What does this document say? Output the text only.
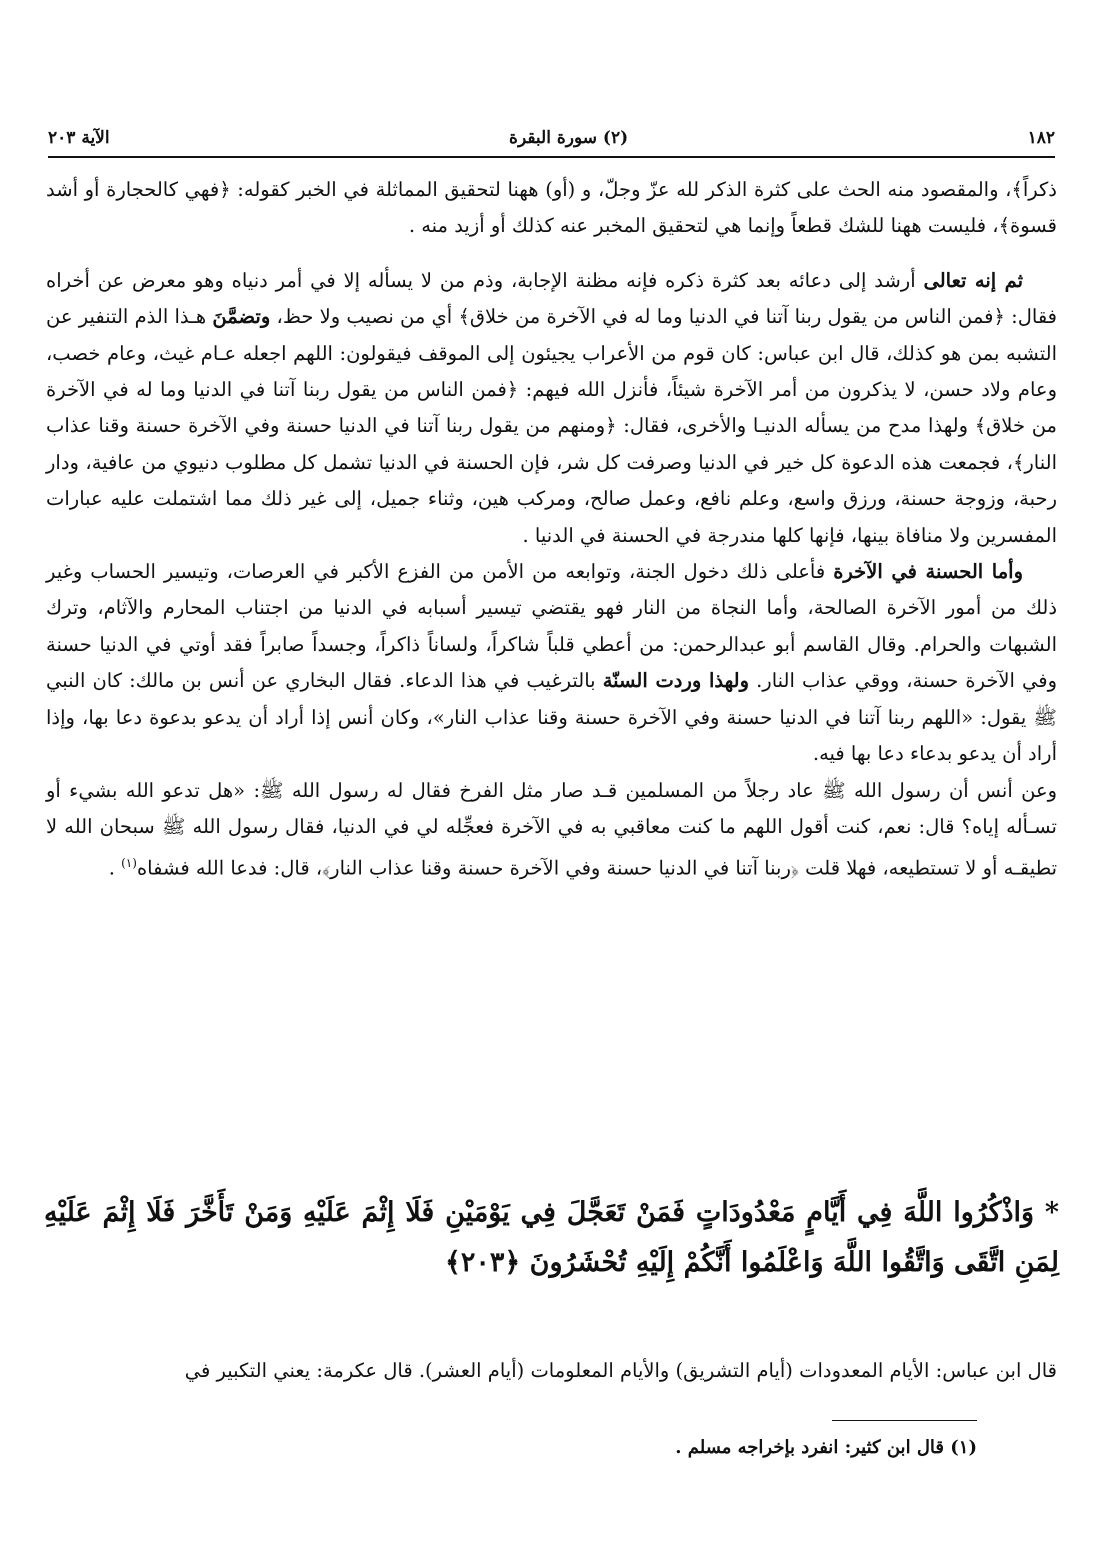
١٨٢
(٢) سورة البقرة
الآية ٢٠٣

ذكراً﴾، والمقصود منه الحث على كثرة الذكر لله عزّ وجلّ، و (أو) ههنا لتحقيق المماثلة في الخبر كقوله: ﴿فهي كالحجارة أو أشد قسوة﴾، فليست ههنا للشك قطعاً وإنما هي لتحقيق المخبر عنه كذلك أو أزيد منه .

ثم إنه تعالى أرشد إلى دعائه بعد كثرة ذكره فإنه مظنة الإجابة، وذم من لا يسأله إلا في أمر دنياه وهو معرض عن أخراه فقال: ﴿فمن الناس من يقول ربنا آتنا في الدنيا وما له في الآخرة من خلاق﴾ أي من نصيب ولا حظ، وتضمَّنَ هـذا الذم التنفير عن التشبه بمن هو كذلك، قال ابن عباس: كان قوم من الأعراب يجيئون إلى الموقف فيقولون: اللهم اجعله عـام غيث، وعام خصب، وعام ولاد حسن، لا يذكرون من أمر الآخرة شيئاً، فأنزل الله فيهم: ﴿فمن الناس من يقول ربنا آتنا في الدنيا وما له في الآخرة من خلاق﴾ ولهذا مدح من يسأله الدنيـا والأخرى، فقال: ﴿ومنهم من يقول ربنا آتنا في الدنيا حسنة وفي الآخرة حسنة وقنا عذاب النار﴾، فجمعت هذه الدعوة كل خير في الدنيا وصرفت كل شر، فإن الحسنة في الدنيا تشمل كل مطلوب دنيوي من عافية، ودار رحبة، وزوجة حسنة، ورزق واسع، وعلم نافع، وعمل صالح، ومركب هين، وثناء جميل، إلى غير ذلك مما اشتملت عليه عبارات المفسرين ولا منافاة بينها، فإنها كلها مندرجة في الحسنة في الدنيا .

وأما الحسنة في الآخرة فأعلى ذلك دخول الجنة، وتوابعه من الأمن من الفزع الأكبر في العرصات، وتيسير الحساب وغير ذلك من أمور الآخرة الصالحة، وأما النجاة من النار فهو يقتضي تيسير أسبابه في الدنيا من اجتناب المحارم والآثام، وترك الشبهات والحرام. وقال القاسم أبو عبدالرحمن: من أعطي قلباً شاكراً، ولساناً ذاكراً، وجسداً صابراً فقد أوتي في الدنيا حسنة وفي الآخرة حسنة، ووقي عذاب النار. ولهذا وردت السنّة بالترغيب في هذا الدعاء. فقال البخاري عن أنس بن مالك: كان النبي ﷺ يقول: «اللهم ربنا آتنا في الدنيا حسنة وفي الآخرة حسنة وقنا عذاب النار»، وكان أنس إذا أراد أن يدعو بدعوة دعا بها، وإذا أراد أن يدعو بدعاء دعا بها فيه.

وعن أنس أن رسول الله ﷺ عاد رجلاً من المسلمين قـد صار مثل الفرخ فقال له رسول الله ﷺ: «هل تدعو الله بشيء أو تسـأله إياه؟ قال: نعم، كنت أقول اللهم ما كنت معاقبي به في الآخرة فعجِّله لي في الدنيا، فقال رسول الله ﷺ سبحان الله لا تطيقـه أو لا تستطيعه، فهلا قلت ﴿ربنا آتنا في الدنيا حسنة وفي الآخرة حسنة وقنا عذاب النار﴾، قال: فدعا الله فشفاه$^{(١)}$ .

* وَاذْكُرُوا اللَّهَ فِي أَيَّامٍ مَعْدُودَاتٍ فَمَنْ تَعَجَّلَ فِي يَوْمَيْنِ فَلَا إِثْمَ عَلَيْهِ وَمَنْ تَأَخَّرَ فَلَا إِثْمَ عَلَيْهِ لِمَنِ اتَّقَى وَاتَّقُوا اللَّهَ وَاعْلَمُوا أَنَّكُمْ إِلَيْهِ تُحْشَرُونَ ﴿٢٠٣﴾
قال ابن عباس: الأيام المعدودات (أيام التشريق) والأيام المعلومات (أيام العشر). قال عكرمة: يعني التكبير في
(١) قال ابن كثير: انفرد بإخراجه مسلم .
